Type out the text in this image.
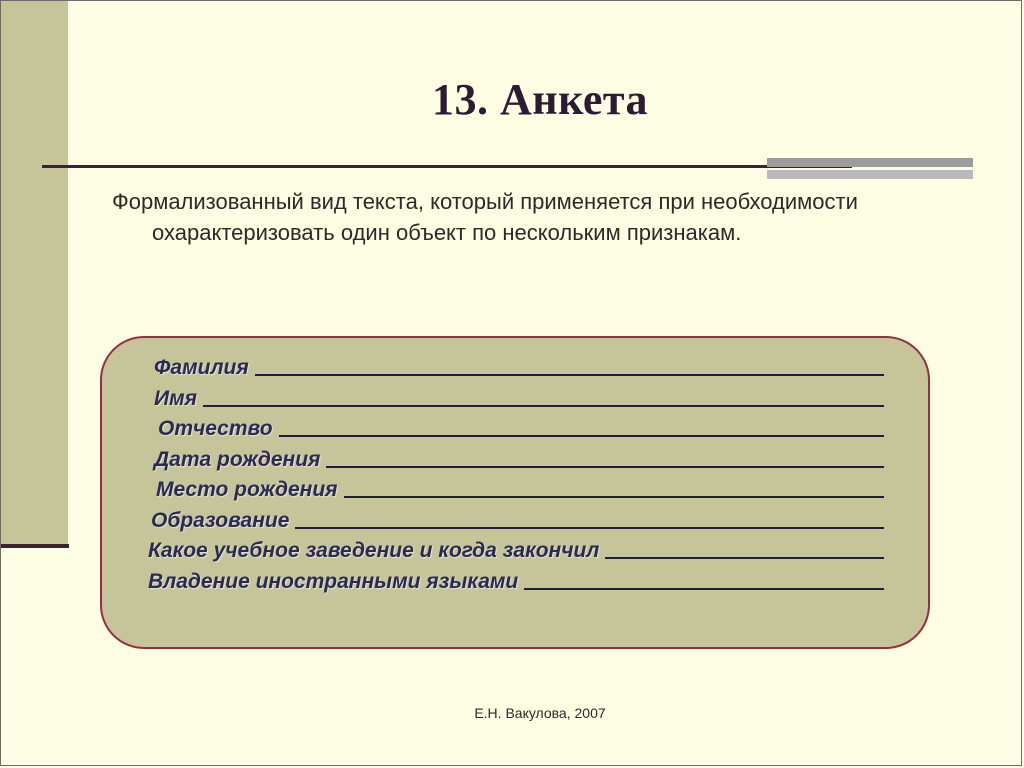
13. Анкета
Формализованный вид текста, который применяется при необходимости охарактеризовать один объект по нескольким признакам.
Фамилия
Имя
Отчество
Дата рождения
Место рождения
Образование
Какое учебное заведение и когда закончил
Владение иностранными языками
Е.Н. Вакулова, 2007
